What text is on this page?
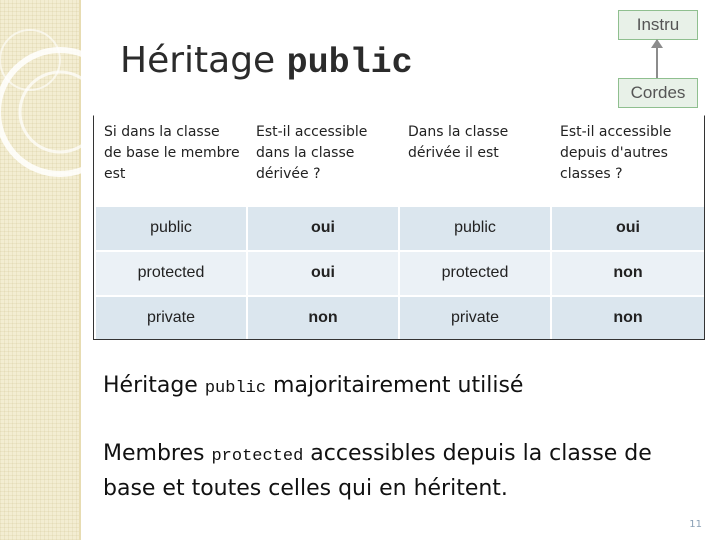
Héritage public
Instru
Cordes
Si dans la classe de base le membre est	Est-il accessible dans la classe dérivée ?	Dans la classe dérivée il est	Est-il accessible depuis d'autres classes ?
public	oui	public	oui
protected	oui	protected	non
private	non	private	non
Héritage public majoritairement utilisé
Membres protected accessibles depuis la classe de base et toutes celles qui en héritent.
11
